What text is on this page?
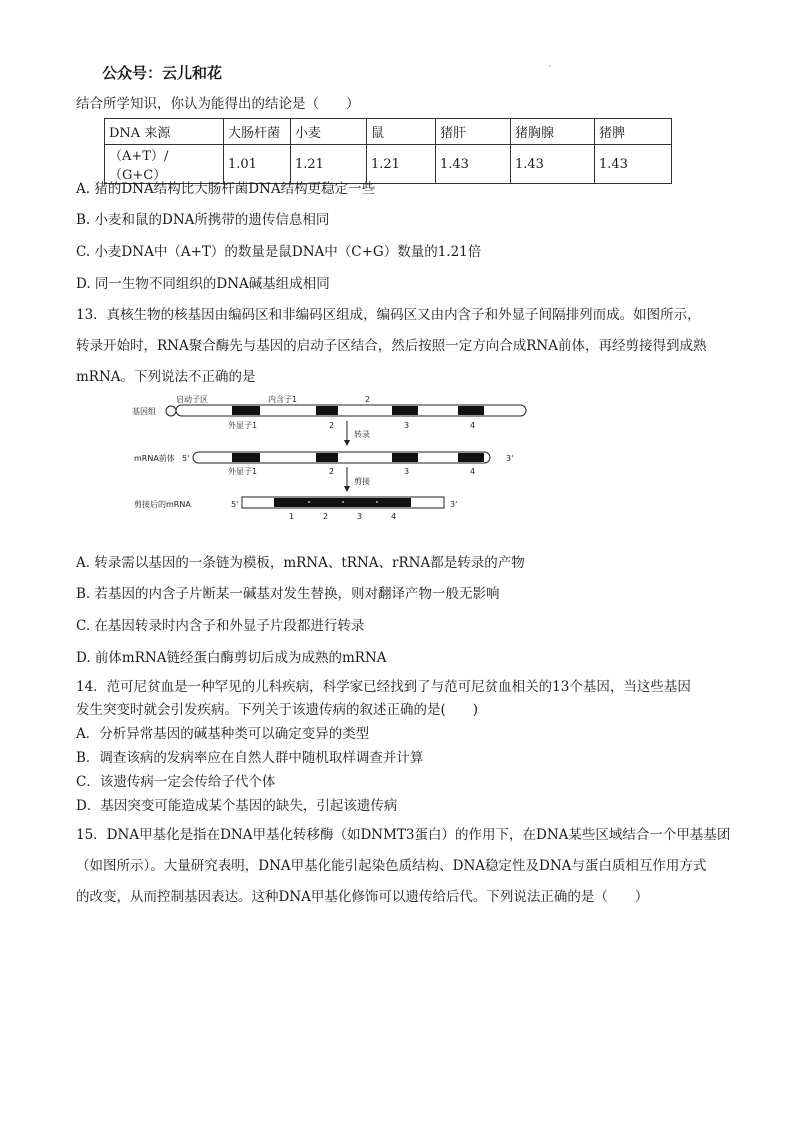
公众号：云儿和花	·
结合所学知识，你认为能得出的结论是（　　）
DNA 来源	大肠杆菌	小麦	鼠	猪肝	猪胸腺	猪脾
（A+T）/（G+C）	1.01	1.21	1.21	1.43	1.43	1.43
A. 猪的DNA结构比大肠杆菌DNA结构更稳定一些
B. 小麦和鼠的DNA所携带的遗传信息相同
C. 小麦DNA中（A+T）的数量是鼠DNA中（C+G）数量的1.21倍
D. 同一生物不同组织的DNA碱基组成相同
13．真核生物的核基因由编码区和非编码区组成，编码区又由内含子和外显子间隔排列而成。如图所示，
转录开始时，RNA聚合酶先与基因的启动子区结合，然后按照一定方向合成RNA前体，再经剪接得到成熟
mRNA。下列说法不正确的是
启动子区	内含子1	2
基因组
外显子1	2	3	4
转录
mRNA前体 5'	3'
外显子1	2	3	4
剪接
剪接后的mRNA	5'	3'
1	2	3	4
A. 转录需以基因的一条链为模板，mRNA、tRNA、rRNA都是转录的产物
B. 若基因的内含子片断某一碱基对发生替换，则对翻译产物一般无影响
C. 在基因转录时内含子和外显子片段都进行转录
D. 前体mRNA链经蛋白酶剪切后成为成熟的mRNA
14．范可尼贫血是一种罕见的儿科疾病，科学家已经找到了与范可尼贫血相关的13个基因，当这些基因
发生突变时就会引发疾病。下列关于该遗传病的叙述正确的是(　　)
A．分析异常基因的碱基种类可以确定变异的类型
B．调查该病的发病率应在自然人群中随机取样调查并计算
C．该遗传病一定会传给子代个体
D．基因突变可能造成某个基因的缺失，引起该遗传病
15．DNA甲基化是指在DNA甲基化转移酶（如DNMT3蛋白）的作用下，在DNA某些区域结合一个甲基基团
（如图所示）。大量研究表明，DNA甲基化能引起染色质结构、DNA稳定性及DNA与蛋白质相互作用方式
的改变，从而控制基因表达。这种DNA甲基化修饰可以遗传给后代。下列说法正确的是（　　）
